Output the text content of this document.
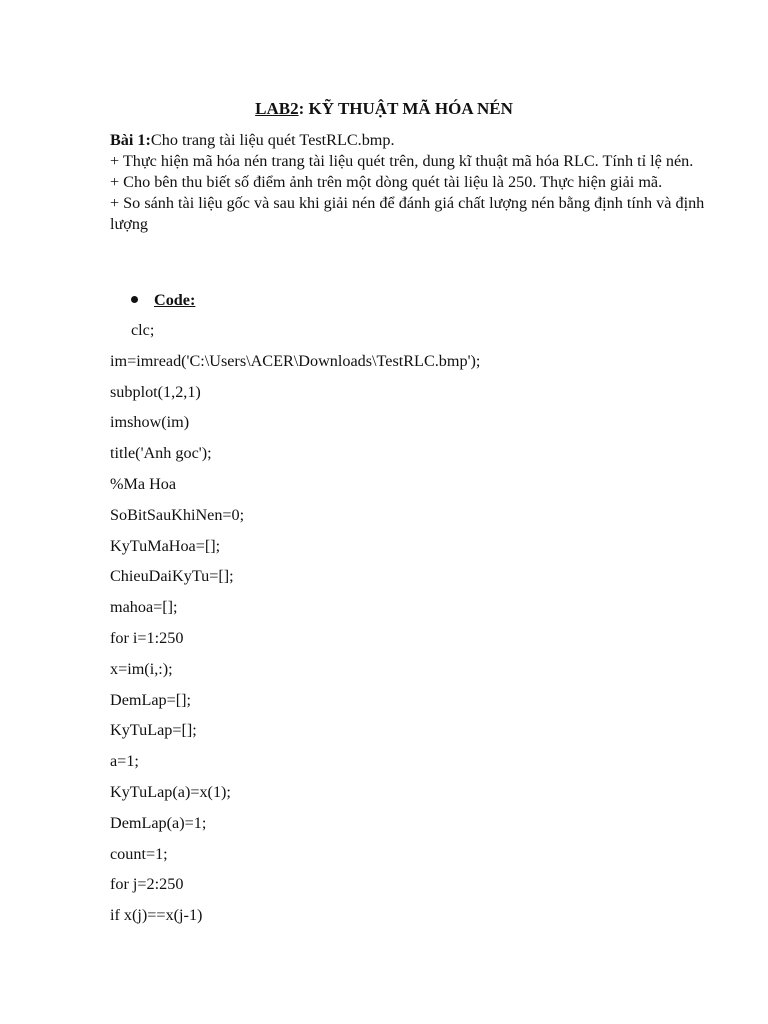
LAB2: KỸ THUẬT MÃ HÓA NÉN

Bài 1:Cho trang tài liệu quét TestRLC.bmp.

+ Thực hiện mã hóa nén trang tài liệu quét trên, dung kĩ thuật mã hóa RLC. Tính tỉ lệ nén.

+ Cho bên thu biết số điểm ảnh trên một dòng quét tài liệu là 250. Thực hiện giải mã.

+ So sánh tài liệu gốc và sau khi giải nén để đánh giá chất lượng nén bằng định tính và định lượng

Code:
clc;
im=imread('C:\Users\ACER\Downloads\TestRLC.bmp');
subplot(1,2,1)
imshow(im)
title('Anh goc');
%Ma Hoa
SoBitSauKhiNen=0;
KyTuMaHoa=[];
ChieuDaiKyTu=[];
mahoa=[];
for i=1:250
x=im(i,:);
DemLap=[];
KyTuLap=[];
a=1;
KyTuLap(a)=x(1);
DemLap(a)=1;
count=1;
for j=2:250
if x(j)==x(j-1)
